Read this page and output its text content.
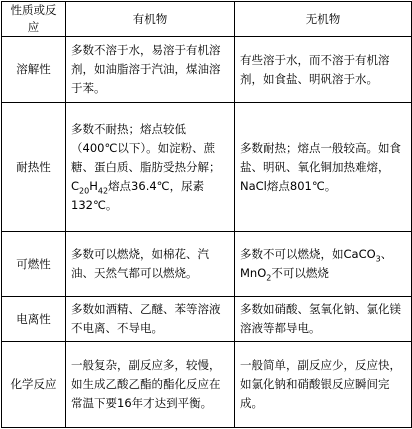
性质或反应	有机物	无机物
溶解性	多数不溶于水，易溶于有机溶剂，如油脂溶于汽油，煤油溶于苯。	有些溶于水，而不溶于有机溶剂，如食盐、明矾溶于水。
耐热性	多数不耐热；熔点较低（400℃以下）。如淀粉、蔗糖、蛋白质、脂肪受热分解；$C_{20}H_{42}$熔点36.4℃，尿素132℃。	多数耐热；熔点一般较高。如食盐、明矾、氧化铜加热难熔，NaCl熔点801℃。
可燃性	多数可以燃烧，如棉花、汽油、天然气都可以燃烧。	多数不可以燃烧，如CaCO$_3$、MnO$_2$不可以燃烧
电离性	多数如酒精、乙醚、苯等溶液不电离、不导电。	多数如硝酸、氢氧化钠、氯化镁溶液等都导电。
化学反应	一般复杂，副反应多，较慢，如生成乙酸乙酯的酯化反应在常温下要16年才达到平衡。	一般简单，副反应少，反应快，如氯化钠和硝酸银反应瞬间完成。
